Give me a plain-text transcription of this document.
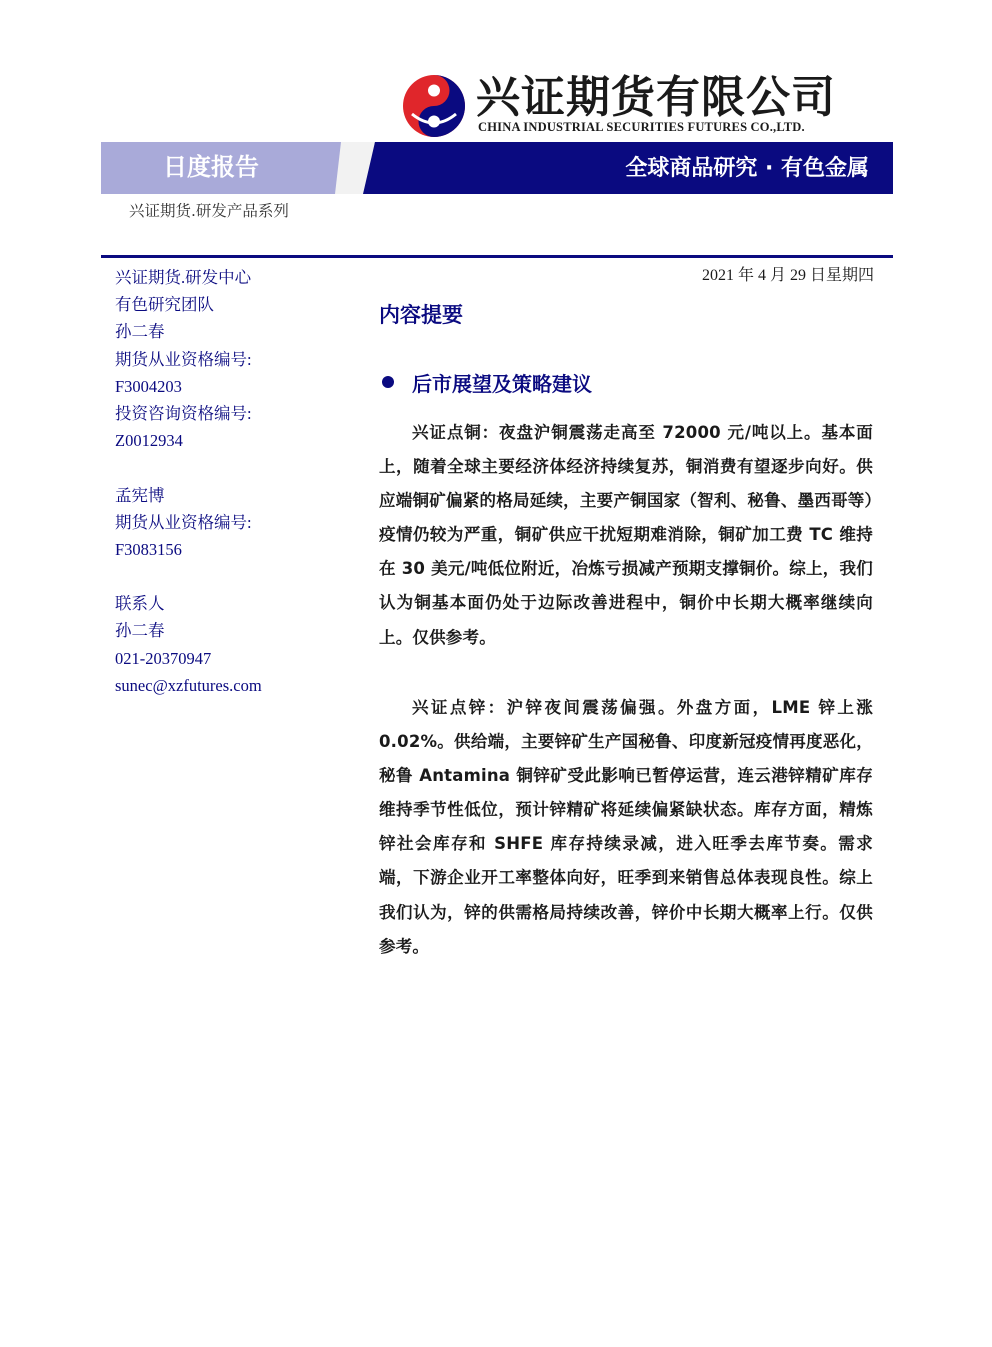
兴证期货有限公司
CHINA INDUSTRIAL SECURITIES FUTURES CO.,LTD.
日度报告	全球商品研究 · 有色金属
兴证期货.研发产品系列
兴证期货.研发中心
有色研究团队
孙二春
期货从业资格编号:
F3004203
投资咨询资格编号:
Z0012934
孟宪博
期货从业资格编号:
F3083156
联系人
孙二春
021-20370947
sunec@xzfutures.com
2021 年 4 月 29 日星期四
内容提要
后市展望及策略建议
兴证点铜：夜盘沪铜震荡走高至 72000 元/吨以上。基本面上，随着全球主要经济体经济持续复苏，铜消费有望逐步向好。供应端铜矿偏紧的格局延续，主要产铜国家（智利、秘鲁、墨西哥等）疫情仍较为严重，铜矿供应干扰短期难消除，铜矿加工费 TC 维持在 30 美元/吨低位附近，冶炼亏损减产预期支撑铜价。综上，我们认为铜基本面仍处于边际改善进程中，铜价中长期大概率继续向上。仅供参考。
兴证点锌：沪锌夜间震荡偏强。外盘方面，LME 锌上涨 0.02%。供给端，主要锌矿生产国秘鲁、印度新冠疫情再度恶化，秘鲁 Antamina 铜锌矿受此影响已暂停运营，连云港锌精矿库存维持季节性低位，预计锌精矿将延续偏紧缺状态。库存方面，精炼锌社会库存和 SHFE 库存持续录减，进入旺季去库节奏。需求端，下游企业开工率整体向好，旺季到来销售总体表现良性。综上我们认为，锌的供需格局持续改善，锌价中长期大概率上行。仅供参考。
